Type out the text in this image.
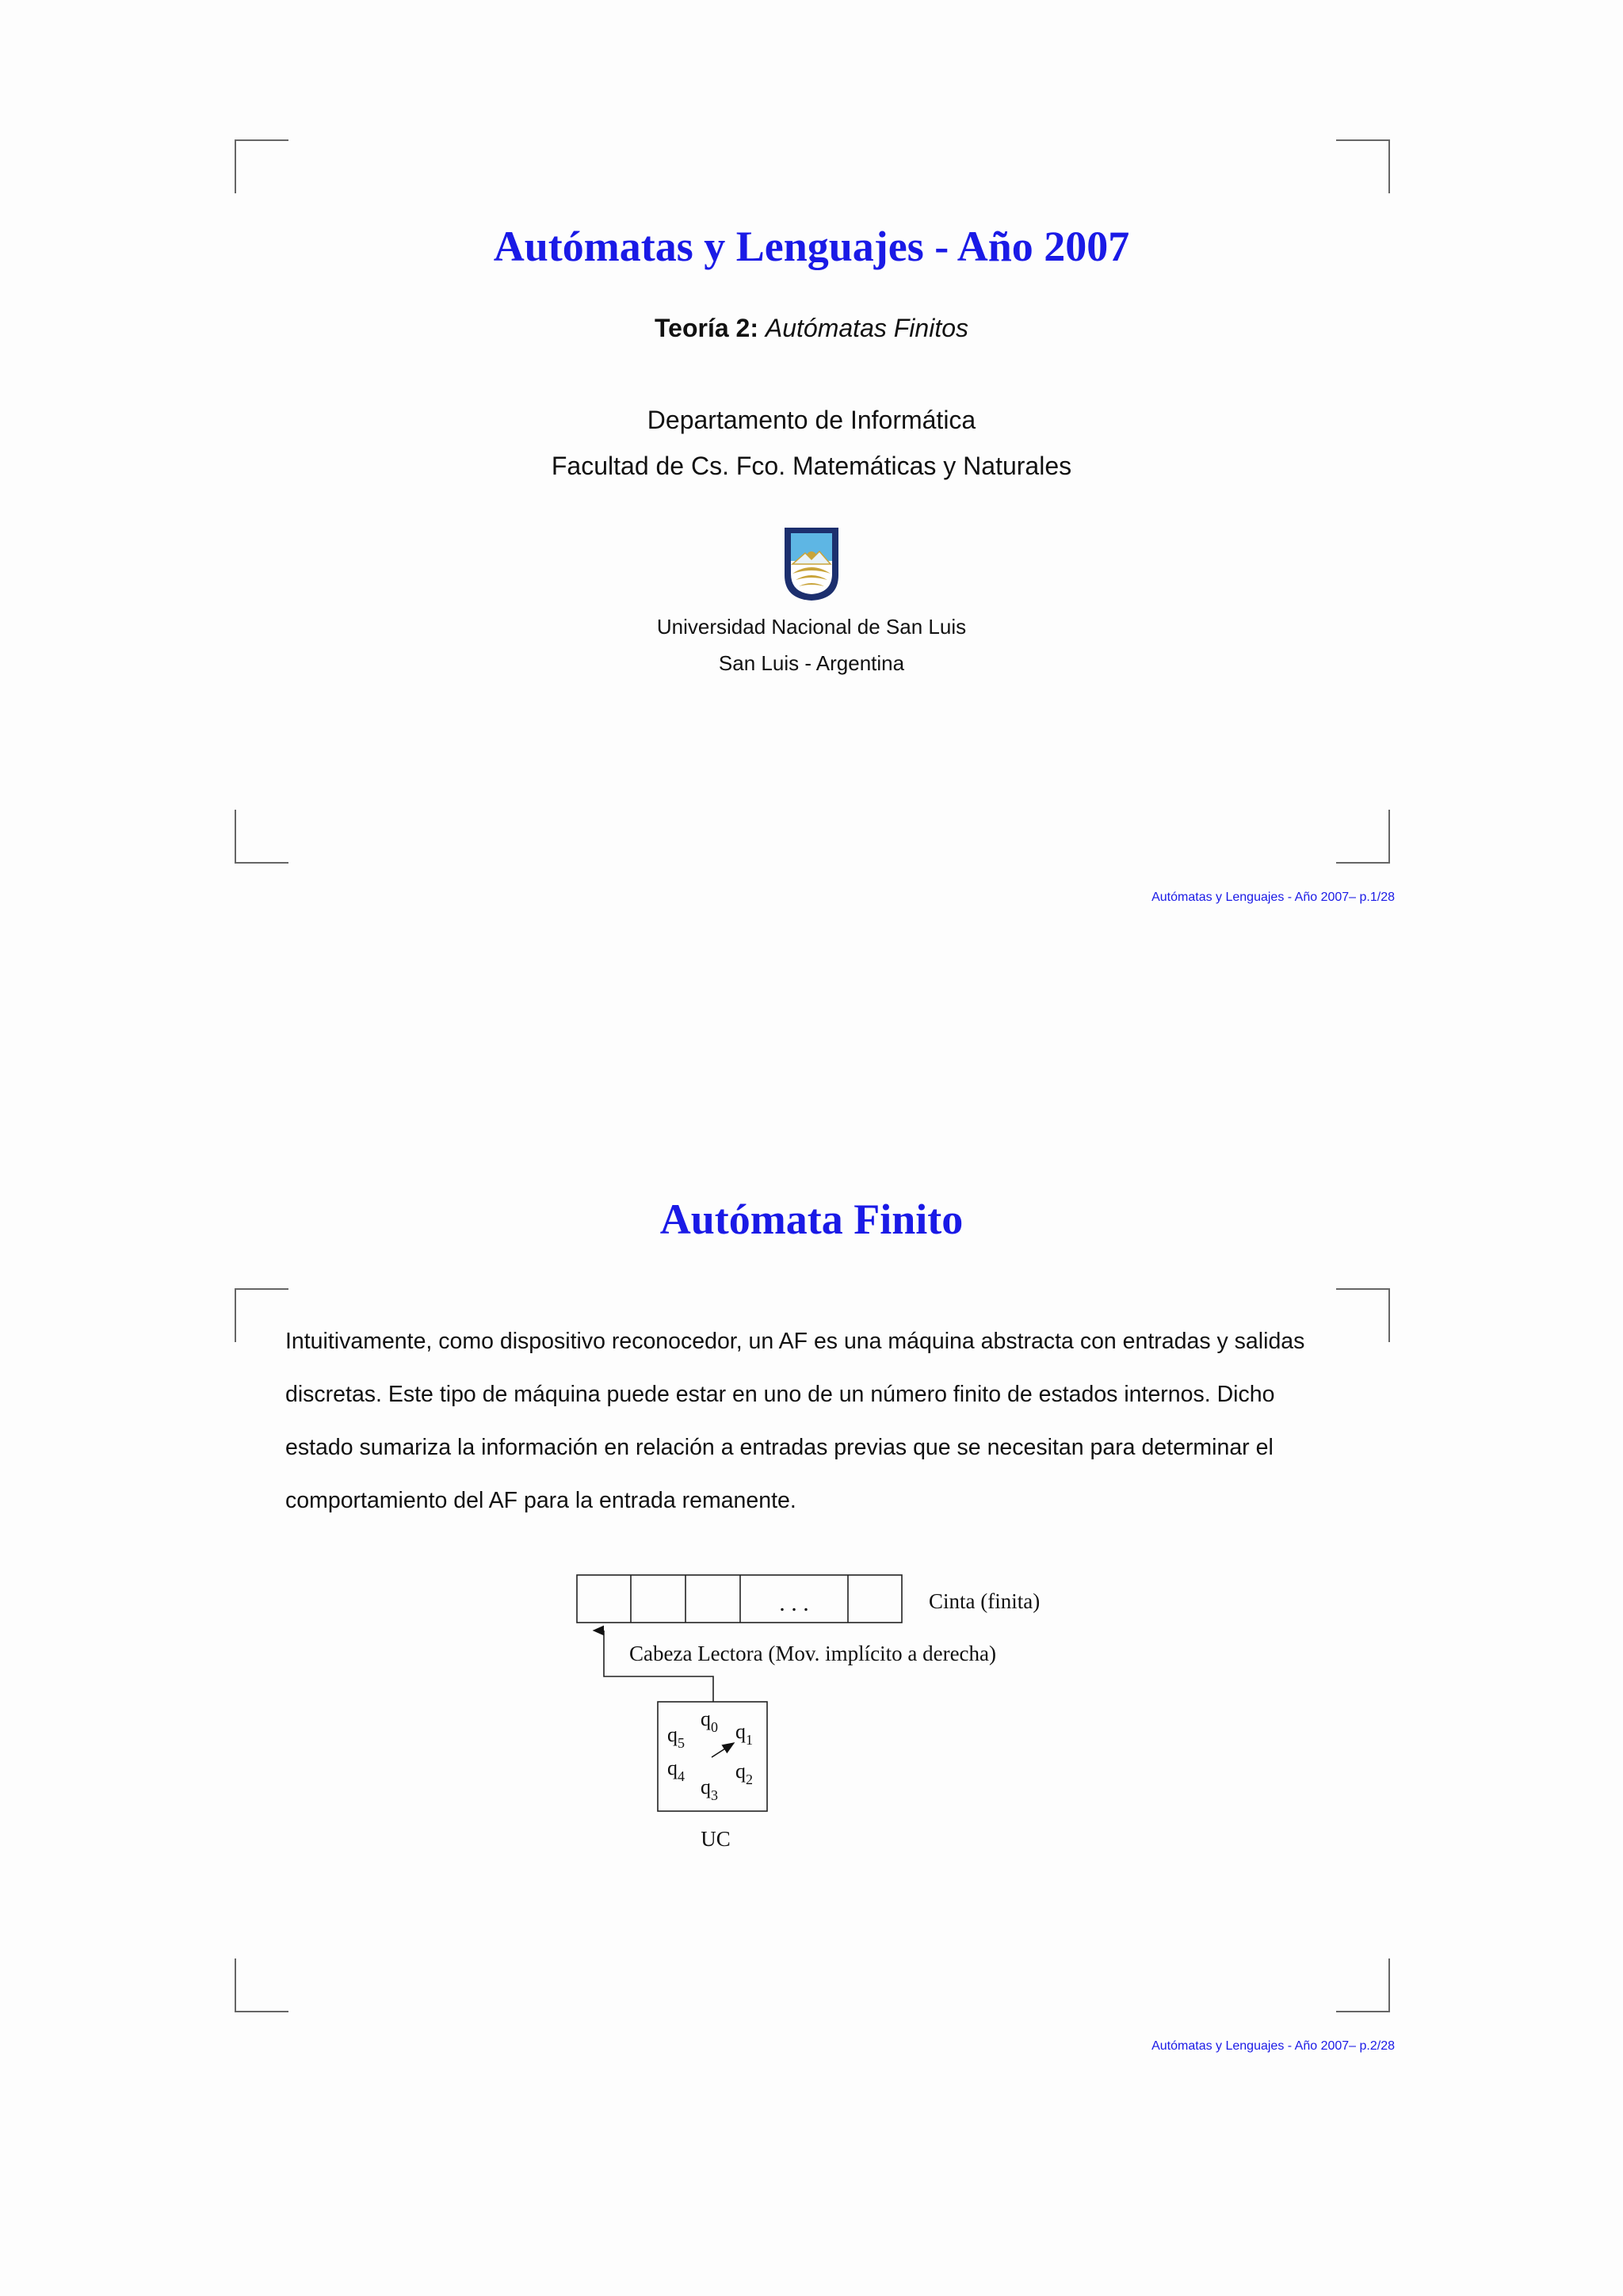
Autómatas y Lenguajes - Año 2007

Teoría 2: Autómatas Finitos

Departamento de Informática

Facultad de Cs. Fco. Matemáticas y Naturales

Universidad Nacional de San Luis

San Luis - Argentina

Autómatas y Lenguajes - Año 2007– p.1/28
Autómata Finito
Intuitivamente, como dispositivo reconocedor, un AF es una máquina abstracta con entradas y salidas
discretas. Este tipo de máquina puede estar en uno de un número finito de estados internos. Dicho
estado sumariza la información en relación a entradas previas que se necesitan para determinar el
comportamiento del AF para la entrada remanente.
. . .	Cinta (finita)
Cabeza Lectora (Mov. implícito a derecha)
$q_0$ $q_1$
$q_2$
$q_3$
$q_4$
$q_5$
UC
Autómatas y Lenguajes - Año 2007– p.2/28
